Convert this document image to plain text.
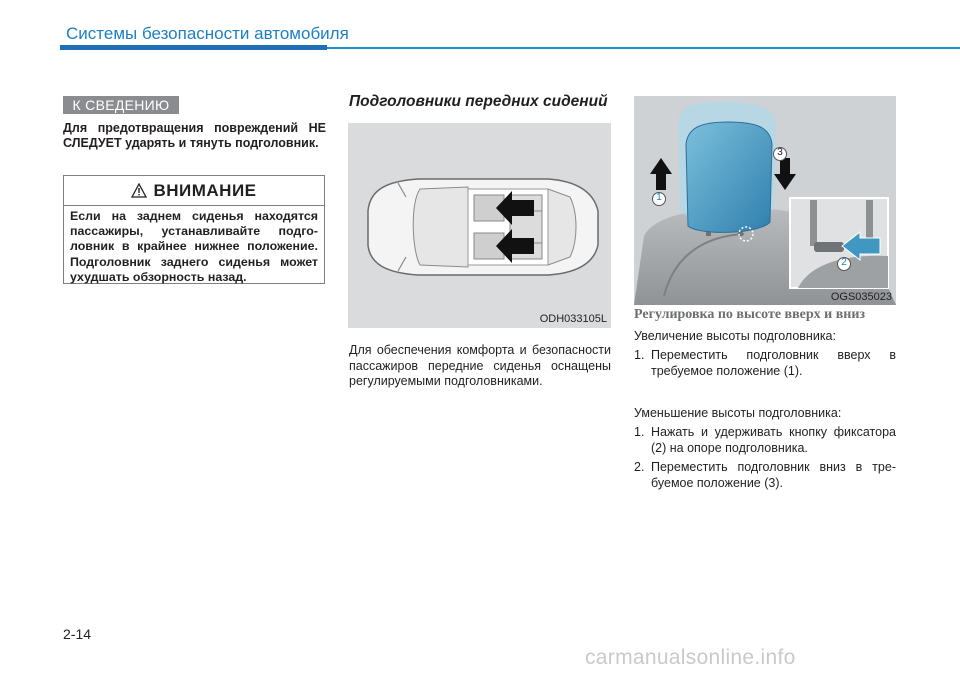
Системы безопасности автомобиля
К СВЕДЕНИЮ
Для предотвращения повреждений НЕ СЛЕДУЕТ ударять и тянуть подголовник.
ВНИМАНИЕ
Если на заднем сиденья находятся пассажиры, устанавливайте подголовник в крайнее нижнее положение. Подголовник заднего сиденья может ухудшать обзорность назад.
Подголовники передних сидений
ODH033105L
Для обеспечения комфорта и безопасности пассажиров передние сиденья оснащены регулируемыми подголовниками.
1
3
2
OGS035023
Регулировка по высоте вверх и вниз
Увеличение высоты подголовника:
1. Переместить подголовник вверх в требуемое положение (1).
Уменьшение высоты подголовника:
1. Нажать и удерживать кнопку фиксатора (2) на опоре подголовника.
2. Переместить подголовник вниз в требуемое положение (3).
2-14
carmanualsonline.info
